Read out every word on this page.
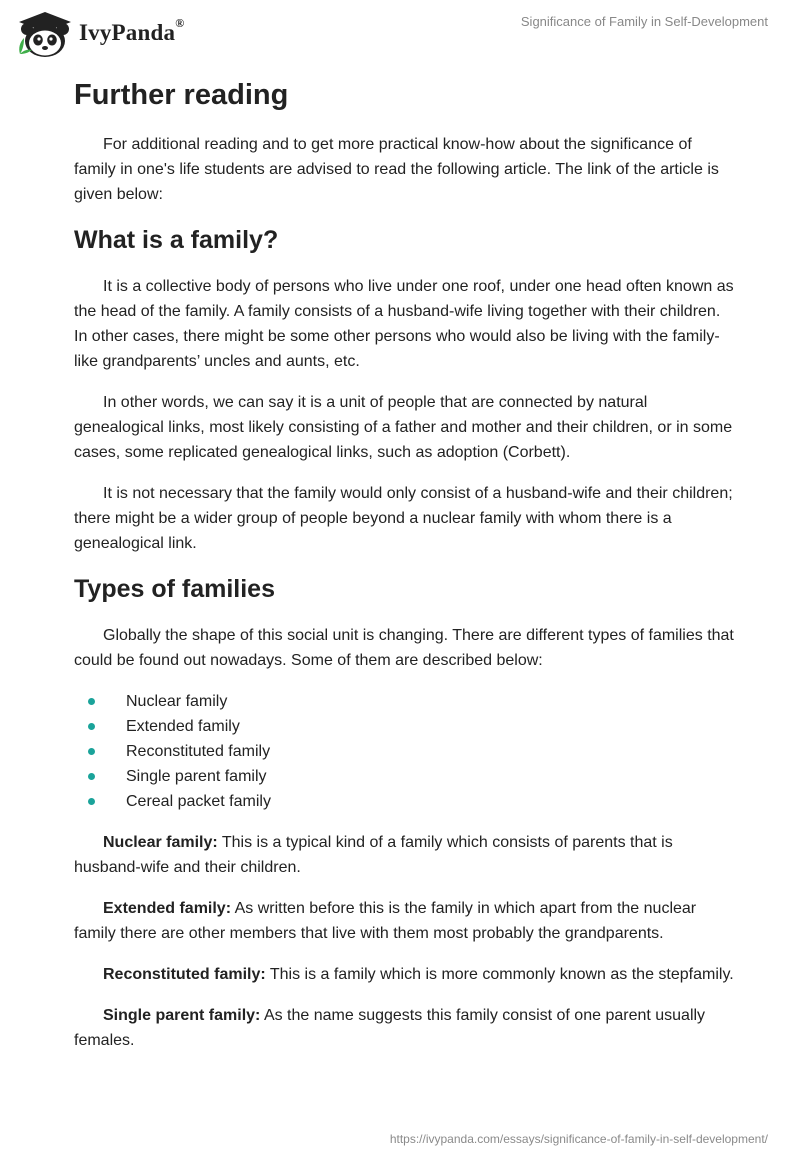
IvyPanda®	Significance of Family in Self-Development
Further reading

For additional reading and to get more practical know-how about the significance of family in one's life students are advised to read the following article. The link of the article is given below:

What is a family?

It is a collective body of persons who live under one roof, under one head often known as the head of the family. A family consists of a husband-wife living together with their children. In other cases, there might be some other persons who would also be living with the family-like grandparents’ uncles and aunts, etc.

In other words, we can say it is a unit of people that are connected by natural genealogical links, most likely consisting of a father and mother and their children, or in some cases, some replicated genealogical links, such as adoption (Corbett).

It is not necessary that the family would only consist of a husband-wife and their children; there might be a wider group of people beyond a nuclear family with whom there is a genealogical link.

Types of families

Globally the shape of this social unit is changing. There are different types of families that could be found out nowadays. Some of them are described below:

Nuclear family
Extended family
Reconstituted family
Single parent family
Cereal packet family

Nuclear family: This is a typical kind of a family which consists of parents that is husband-wife and their children.

Extended family: As written before this is the family in which apart from the nuclear family there are other members that live with them most probably the grandparents.

Reconstituted family: This is a family which is more commonly known as the stepfamily.

Single parent family: As the name suggests this family consist of one parent usually females.

https://ivypanda.com/essays/significance-of-family-in-self-development/
